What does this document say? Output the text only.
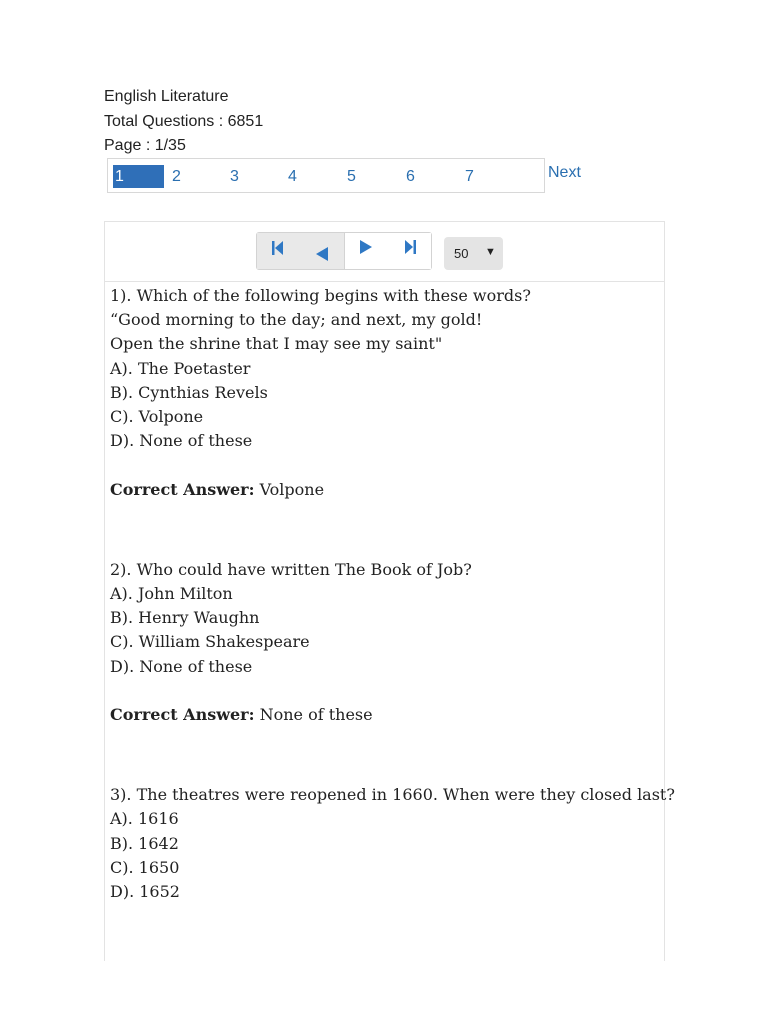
English Literature
Total Questions : 6851
Page : 1/35
1	2	3	4	5	6	7	Next
50 ▼
1). Which of the following begins with these words?
“Good morning to the day; and next, my gold!
Open the shrine that I may see my saint"
A). The Poetaster
B). Cynthias Revels
C). Volpone
D). None of these
Correct Answer: Volpone
2). Who could have written The Book of Job?
A). John Milton
B). Henry Waughn
C). William Shakespeare
D). None of these
Correct Answer: None of these
3). The theatres were reopened in 1660. When were they closed last?
A). 1616
B). 1642
C). 1650
D). 1652
